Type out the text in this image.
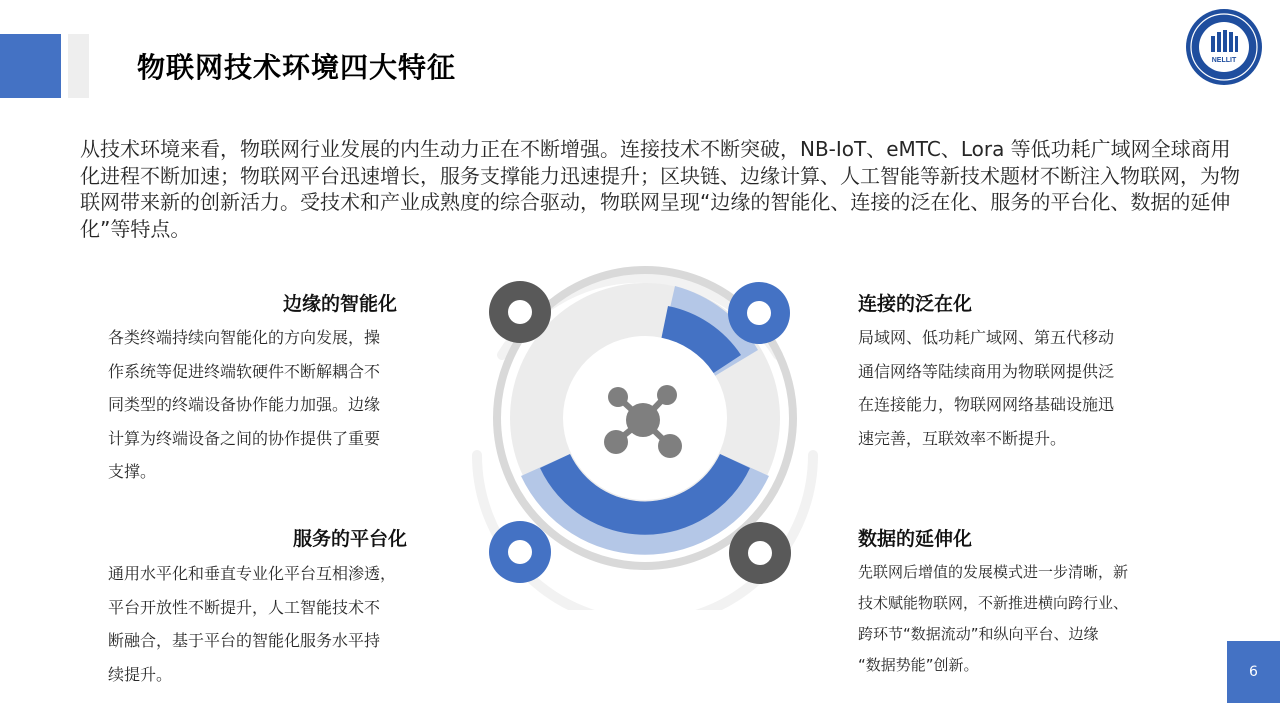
物联网技术环境四大特征	NELLIT
从技术环境来看，物联网行业发展的内生动力正在不断增强。连接技术不断突破，NB-IoT、eMTC、Lora 等低功耗广域网全球商用化进程不断加速；物联网平台迅速增长，服务支撑能力迅速提升；区块链、边缘计算、人工智能等新技术题材不断注入物联网，为物联网带来新的创新活力。受技术和产业成熟度的综合驱动，物联网呈现“边缘的智能化、连接的泛在化、服务的平台化、数据的延伸化”等特点。
边缘的智能化
各类终端持续向智能化的方向发展，操
作系统等促进终端软硬件不断解耦合不
同类型的终端设备协作能力加强。边缘
计算为终端设备之间的协作提供了重要
支撑。
连接的泛在化
局域网、低功耗广域网、第五代移动
通信网络等陆续商用为物联网提供泛
在连接能力，物联网网络基础设施迅
速完善，互联效率不断提升。
服务的平台化
通用水平化和垂直专业化平台互相渗透，
平台开放性不断提升，人工智能技术不
断融合，基于平台的智能化服务水平持
续提升。
数据的延伸化
先联网后增值的发展模式进一步清晰，新
技术赋能物联网，不新推进横向跨行业、
跨环节“数据流动”和纵向平台、边缘
“数据势能”创新。	6
